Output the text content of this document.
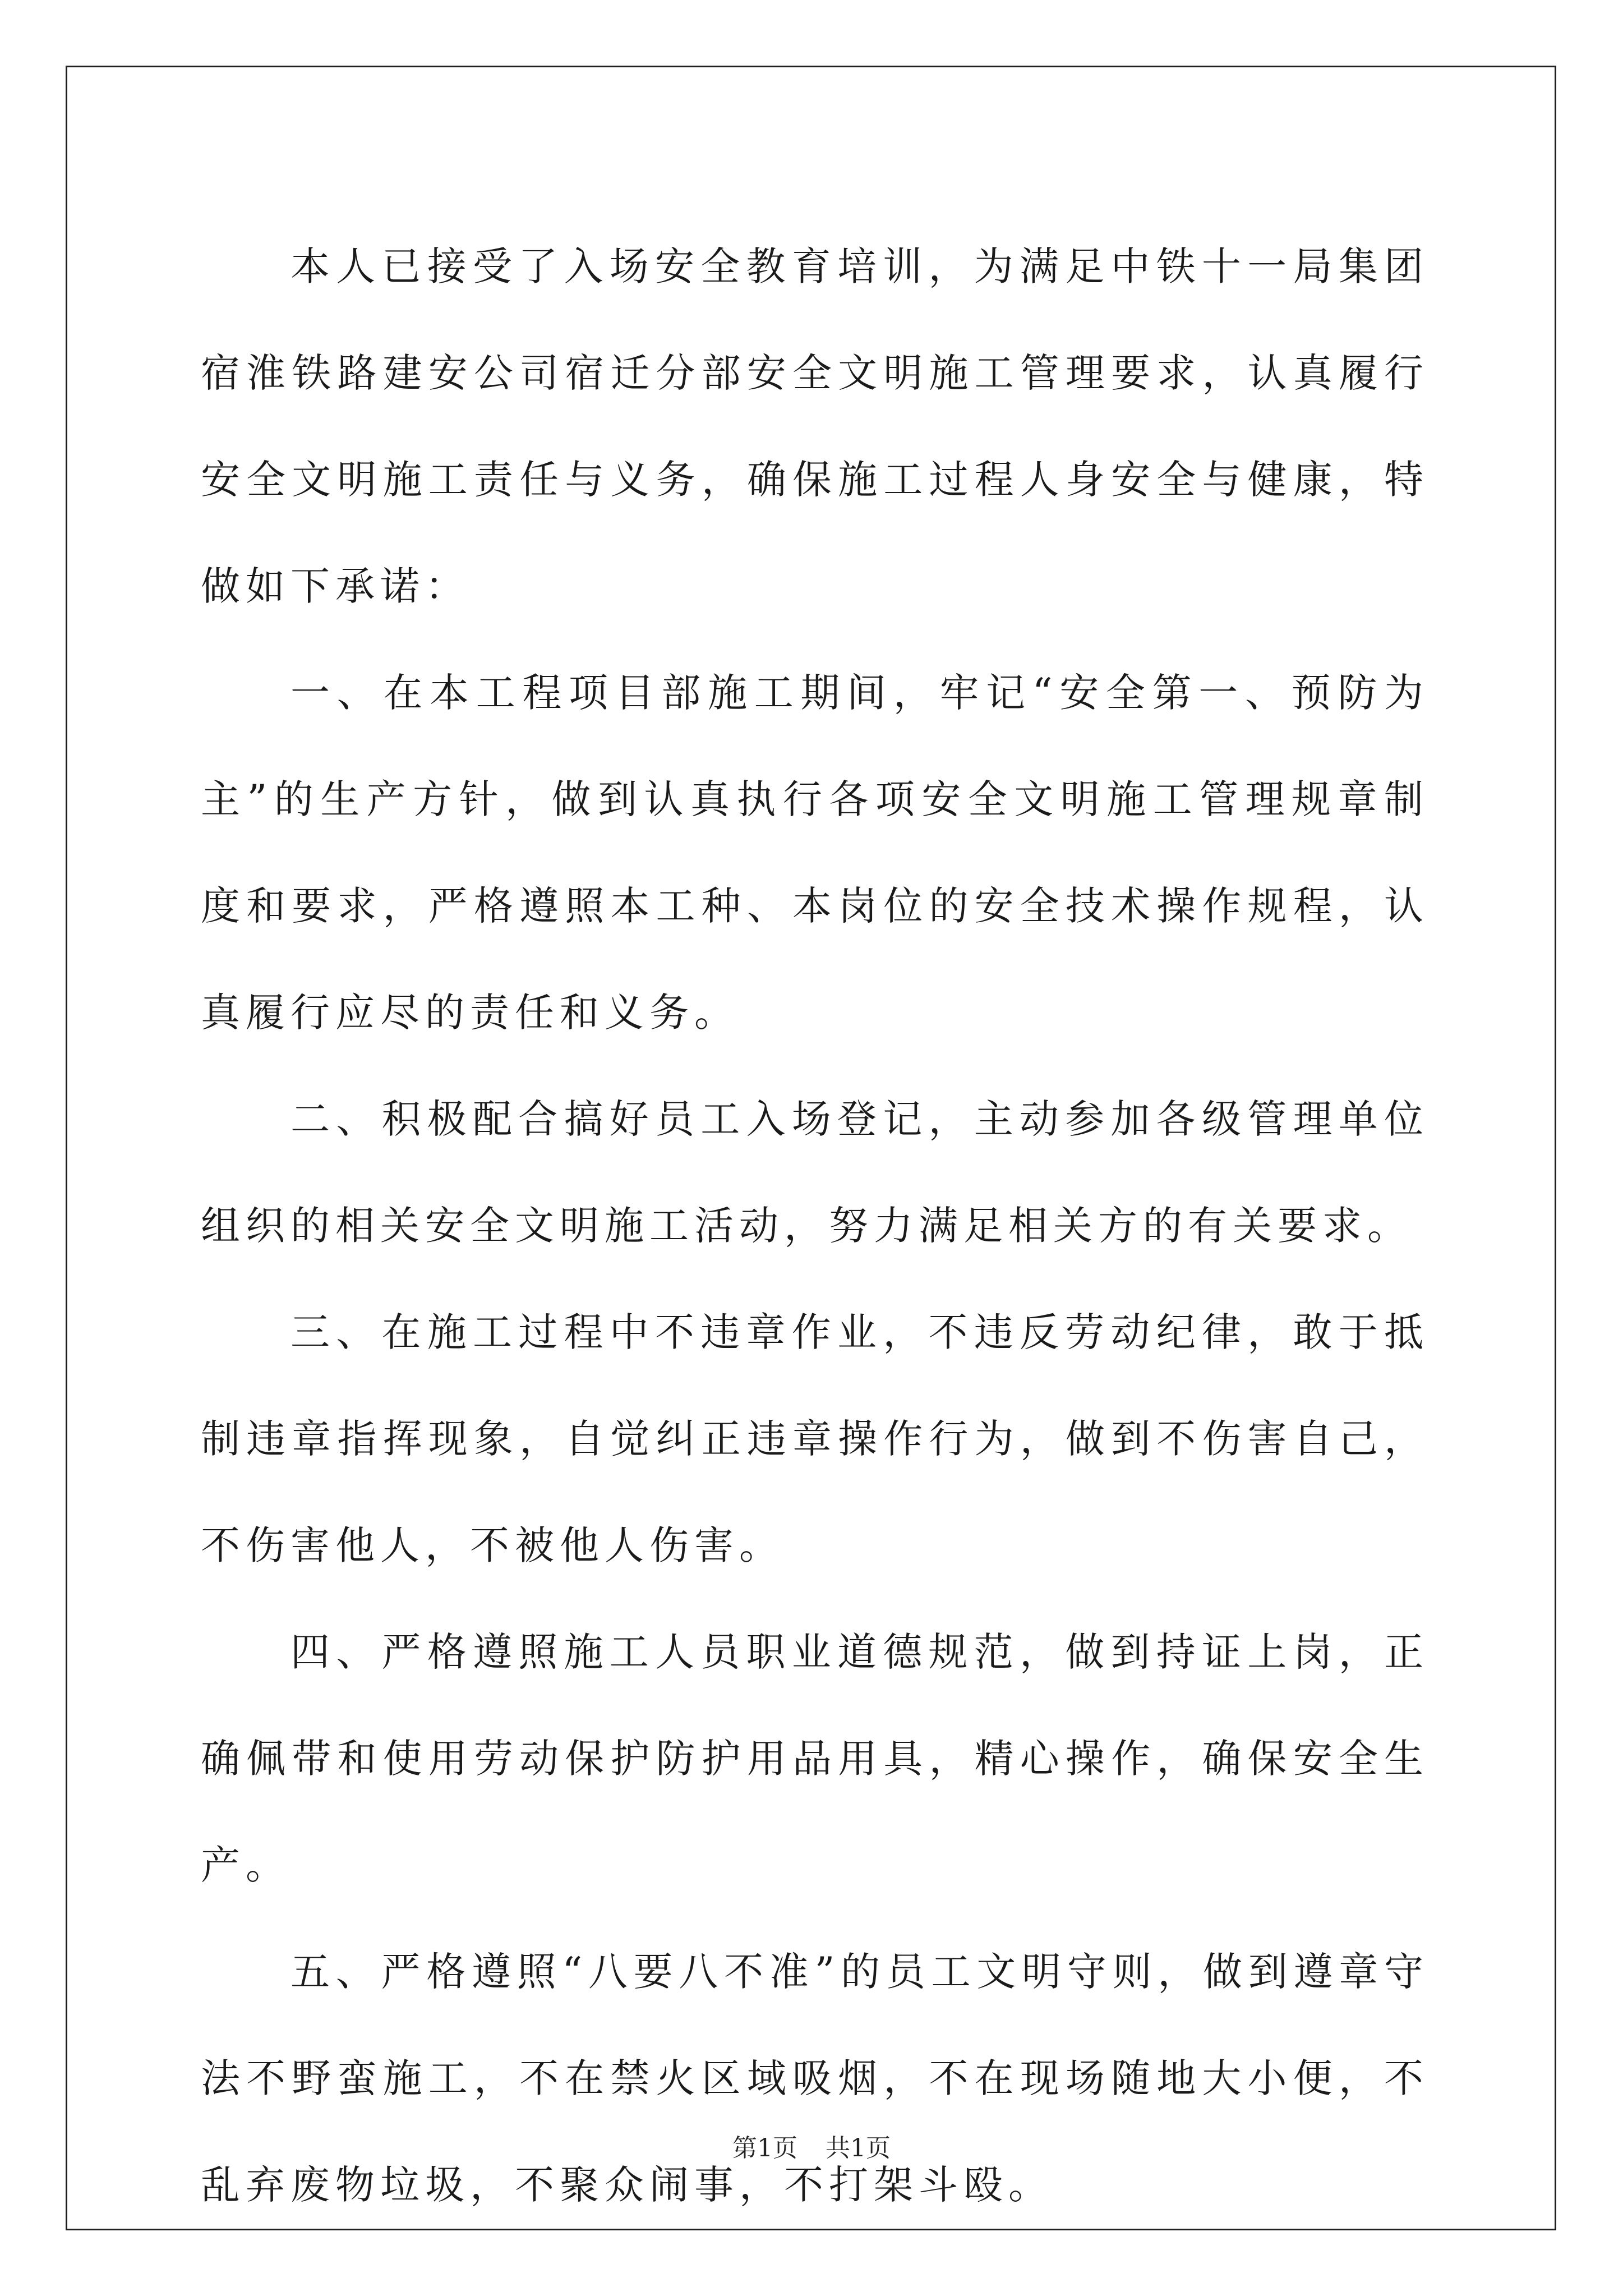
本人已接受了入场安全教育培训，为满足中铁十一局集团宿淮铁路建安公司宿迁分部安全文明施工管理要求，认真履行安全文明施工责任与义务，确保施工过程人身安全与健康，特做如下承诺：

一、在本工程项目部施工期间，牢记“安全第一、预防为主”的生产方针，做到认真执行各项安全文明施工管理规章制度和要求，严格遵照本工种、本岗位的安全技术操作规程，认真履行应尽的责任和义务。

二、积极配合搞好员工入场登记，主动参加各级管理单位组织的相关安全文明施工活动，努力满足相关方的有关要求。

三、在施工过程中不违章作业，不违反劳动纪律，敢于抵制违章指挥现象，自觉纠正违章操作行为，做到不伤害自己，不伤害他人，不被他人伤害。

四、严格遵照施工人员职业道德规范，做到持证上岗，正确佩带和使用劳动保护防护用品用具，精心操作，确保安全生产。

五、严格遵照“八要八不准”的员工文明守则，做到遵章守法不野蛮施工，不在禁火区域吸烟，不在现场随地大小便，不乱弃废物垃圾，不聚众闹事，不打架斗殴。

第1页 共1页
